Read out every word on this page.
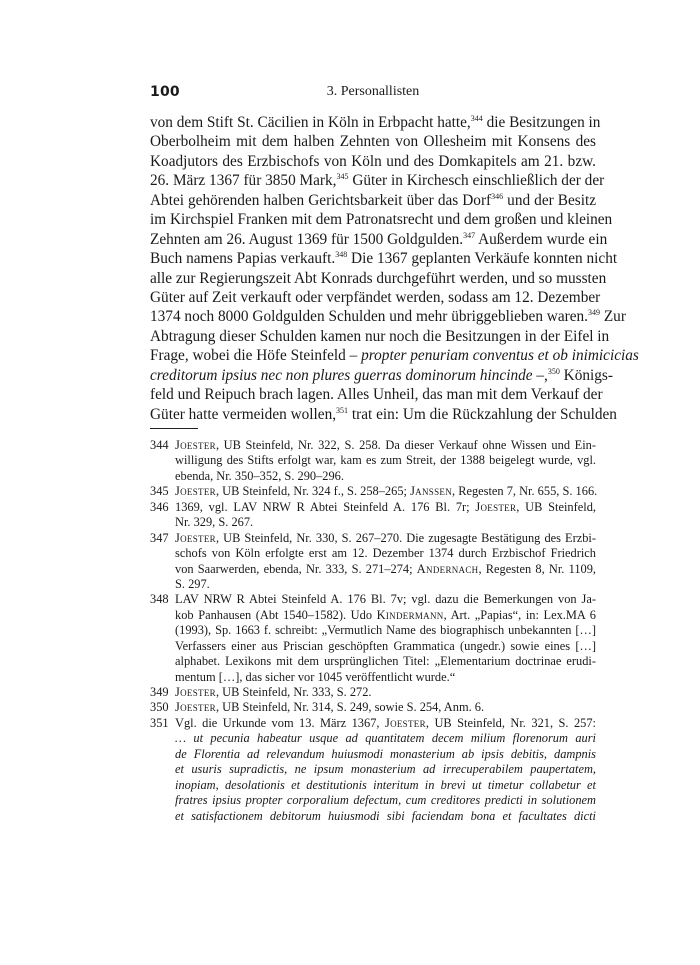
100	3. Personallisten
von dem Stift St. Cäcilien in Köln in Erbpacht hatte,$^{344}$ die Besitzungen in
Oberbolheim mit dem halben Zehnten von Ollesheim mit Konsens des
Koadjutors des Erzbischofs von Köln und des Domkapitels am 21. bzw.
26. März 1367 für 3850 Mark,$^{345}$ Güter in Kirchesch einschließlich der der
Abtei gehörenden halben Gerichtsbarkeit über das Dorf$^{346}$ und der Besitz
im Kirchspiel Franken mit dem Patronatsrecht und dem großen und kleinen
Zehnten am 26. August 1369 für 1500 Goldgulden.$^{347}$ Außerdem wurde ein
Buch namens Papias verkauft.$^{348}$ Die 1367 geplanten Verkäufe konnten nicht
alle zur Regierungszeit Abt Konrads durchgeführt werden, und so mussten
Güter auf Zeit verkauft oder verpfändet werden, sodass am 12. Dezember
1374 noch 8000 Goldgulden Schulden und mehr übriggeblieben waren.$^{349}$ Zur
Abtragung dieser Schulden kamen nur noch die Besitzungen in der Eifel in
Frage, wobei die Höfe Steinfeld – propter penuriam conventus et ob inimicicias
creditorum ipsius nec non plures guerras dominorum hincinde –,$^{350}$ Königs-
feld und Reipuch brach lagen. Alles Unheil, das man mit dem Verkauf der
Güter hatte vermeiden wollen,$^{351}$ trat ein: Um die Rückzahlung der Schulden
344 Joester, UB Steinfeld, Nr. 322, S. 258. Da dieser Verkauf ohne Wissen und Ein-
willigung des Stifts erfolgt war, kam es zum Streit, der 1388 beigelegt wurde, vgl.
ebenda, Nr. 350–352, S. 290–296.
345 Joester, UB Steinfeld, Nr. 324 f., S. 258–265; Janssen, Regesten 7, Nr. 655, S. 166.
346 1369, vgl. LAV NRW R Abtei Steinfeld A. 176 Bl. 7r; Joester, UB Steinfeld,
Nr. 329, S. 267.
347 Joester, UB Steinfeld, Nr. 330, S. 267–270. Die zugesagte Bestätigung des Erzbi-
schofs von Köln erfolgte erst am 12. Dezember 1374 durch Erzbischof Friedrich
von Saarwerden, ebenda, Nr. 333, S. 271–274; Andernach, Regesten 8, Nr. 1109,
S. 297.
348 LAV NRW R Abtei Steinfeld A. 176 Bl. 7v; vgl. dazu die Bemerkungen von Ja-
kob Panhausen (Abt 1540–1582). Udo Kindermann, Art. „Papias“, in: Lex.MA 6
(1993), Sp. 1663 f. schreibt: „Vermutlich Name des biographisch unbekannten […]
Verfassers einer aus Priscian geschöpften Grammatica (ungedr.) sowie eines […]
alphabet. Lexikons mit dem ursprünglichen Titel: „Elementarium doctrinae erudi-
mentum […], das sicher vor 1045 veröffentlicht wurde.“
349 Joester, UB Steinfeld, Nr. 333, S. 272.
350 Joester, UB Steinfeld, Nr. 314, S. 249, sowie S. 254, Anm. 6.
351 Vgl. die Urkunde vom 13. März 1367, Joester, UB Steinfeld, Nr. 321, S. 257:
… ut pecunia habeatur usque ad quantitatem decem milium florenorum auri
de Florentia ad relevandum huiusmodi monasterium ab ipsis debitis, dampnis
et usuris supradictis, ne ipsum monasterium ad irrecuperabilem paupertatem,
inopiam, desolationis et destitutionis interitum in brevi ut timetur collabetur et
fratres ipsius propter corporalium defectum, cum creditores predicti in solutionem
et satisfactionem debitorum huiusmodi sibi faciendam bona et facultates dicti
